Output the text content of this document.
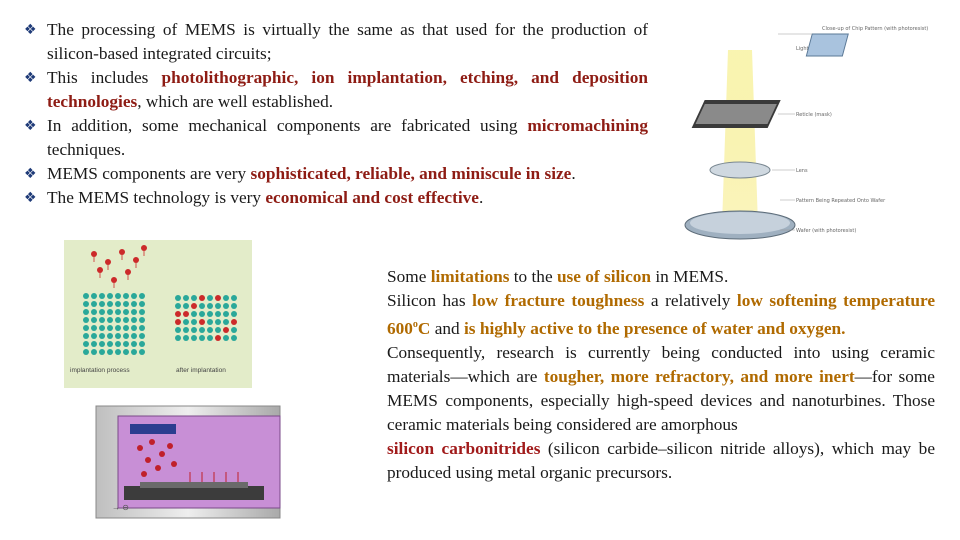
❖ The processing of MEMS is virtually the same as that used for the production of silicon-based integrated circuits;
❖ This includes photolithographic, ion implantation, etching, and deposition technologies, which are well established.
❖ In addition, some mechanical components are fabricated using micromachining techniques.
❖ MEMS components are very sophisticated, reliable, and miniscule in size.
❖ The MEMS technology is very economical and cost effective.

Some limitations to the use of silicon in MEMS.

Silicon has low fracture toughness a relatively low softening temperature 600$^o$C and is highly active to the presence of water and oxygen.

Consequently, research is currently being conducted into using ceramic materials—which are tougher, more refractory, and more inert—for some MEMS components, especially high-speed devices and nanoturbines. Those ceramic materials being considered are amorphous

silicon carbonitrides (silicon carbide–silicon nitride alloys), which may be produced using metal organic precursors.

Close-up of Chip Pattern (with photoresist)
Light
Reticle (mask)
Lens
Pattern Being Repeated Onto Wafer
Wafer (with photoresist)
implantation process	after implantation
→ ⊖
